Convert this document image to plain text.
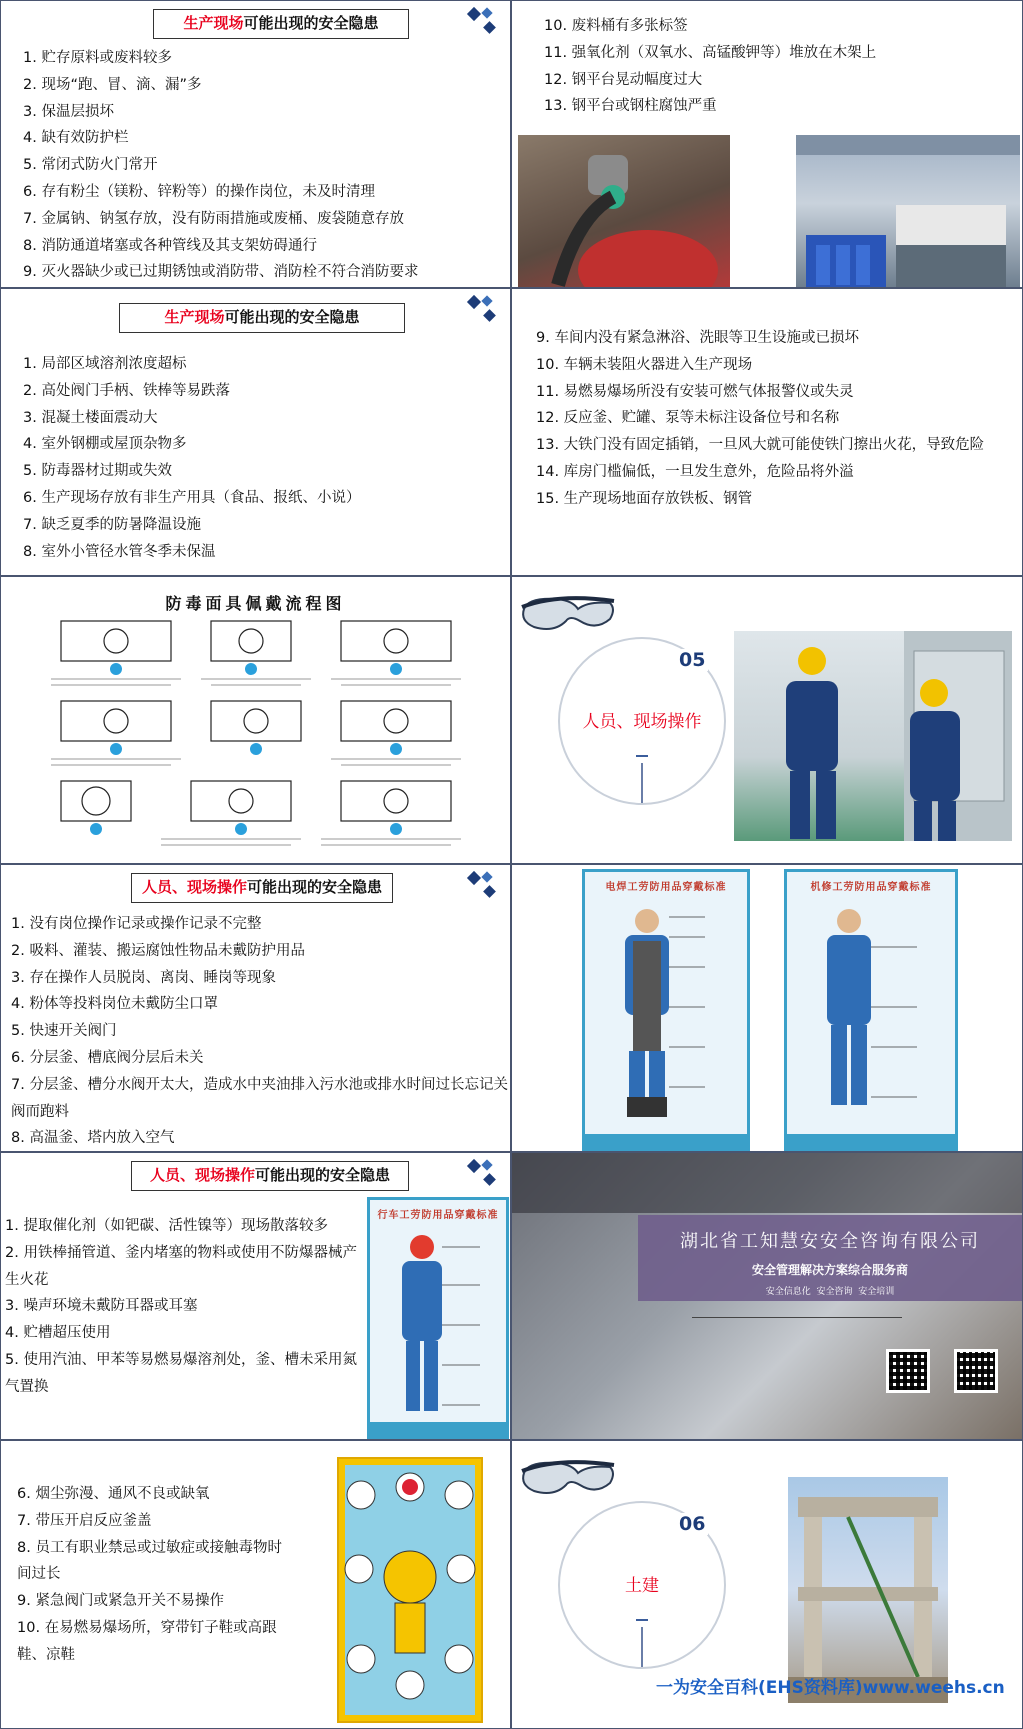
生产现场可能出现的安全隐患
1. 贮存原料或废料较多
2. 现场“跑、冒、滴、漏”多
3. 保温层损坏
4. 缺有效防护栏
5. 常闭式防火门常开
6. 存有粉尘（镁粉、锌粉等）的操作岗位，未及时清理
7. 金属钠、钠氢存放，没有防雨措施或废桶、废袋随意存放
8. 消防通道堵塞或各种管线及其支架妨碍通行
9. 灭火器缺少或已过期锈蚀或消防带、消防栓不符合消防要求
10. 废料桶有多张标签
11. 强氧化剂（双氧水、高锰酸钾等）堆放在木架上
12. 钢平台晃动幅度过大
13. 钢平台或钢柱腐蚀严重
生产现场可能出现的安全隐患
1. 局部区域溶剂浓度超标
2. 高处阀门手柄、铁棒等易跌落
3. 混凝土楼面震动大
4. 室外钢棚或屋顶杂物多
5. 防毒器材过期或失效
6. 生产现场存放有非生产用具（食品、报纸、小说）
7. 缺乏夏季的防暑降温设施
8. 室外小管径水管冬季未保温
9. 车间内没有紧急淋浴、洗眼等卫生设施或已损坏
10. 车辆未装阻火器进入生产现场
11. 易燃易爆场所没有安装可燃气体报警仪或失灵
12. 反应釜、贮罐、泵等未标注设备位号和名称
13. 大铁门没有固定插销，一旦风大就可能使铁门擦出火花，导致危险
14. 库房门槛偏低，一旦发生意外，危险品将外溢
15. 生产现场地面存放铁板、钢管
防毒面具佩戴流程图
05
人员、现场操作
人员、现场操作可能出现的安全隐患
1. 没有岗位操作记录或操作记录不完整
2. 吸料、灌装、搬运腐蚀性物品未戴防护用品
3. 存在操作人员脱岗、离岗、睡岗等现象
4. 粉体等投料岗位未戴防尘口罩
5. 快速开关阀门
6. 分层釜、槽底阀分层后未关
7. 分层釜、槽分水阀开太大，造成水中夹油排入污水池或排水时间过长忘记关阀而跑料
8. 高温釜、塔内放入空气
电焊工劳防用品穿戴标准	机修工劳防用品穿戴标准
人员、现场操作可能出现的安全隐患
1. 提取催化剂（如钯碳、活性镍等）现场散落较多
2. 用铁棒捅管道、釜内堵塞的物料或使用不防爆器械产生火花
3. 噪声环境未戴防耳器或耳塞
4. 贮槽超压使用
5. 使用汽油、甲苯等易燃易爆溶剂处，釜、槽未采用氮气置换
行车工劳防用品穿戴标准
湖北省工知慧安安全咨询有限公司
安全管理解决方案综合服务商
安全信息化  安全咨询  安全培训
6. 烟尘弥漫、通风不良或缺氧
7. 带压开启反应釜盖
8. 员工有职业禁忌或过敏症或接触毒物时间过长
9. 紧急阀门或紧急开关不易操作
10. 在易燃易爆场所，穿带钉子鞋或高跟鞋、凉鞋
06
土建
一为安全百科(EHS资料库)www.weehs.cn
